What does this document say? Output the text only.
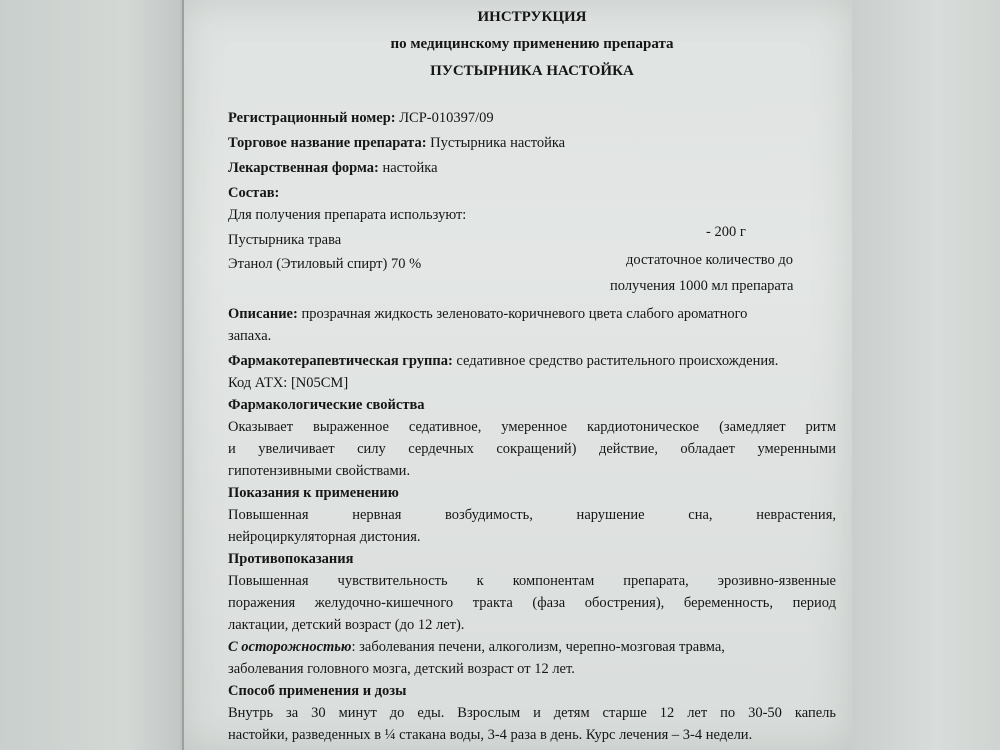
ИНСТРУКЦИЯ
по медицинскому применению препарата
ПУСТЫРНИКА НАСТОЙКА
Регистрационный номер: ЛСР-010397/09
Торговое название препарата: Пустырника настойка
Лекарственная форма: настойка
Состав:
Для получения препарата используют:
Пустырника трава	- 200 г
Этанол (Этиловый спирт) 70 %	достаточное количество до
получения 1000 мл препарата
Описание: прозрачная жидкость зеленовато-коричневого цвета слабого ароматного
запаха.
Фармакотерапевтическая группа: седативное средство растительного происхождения.
Код АТХ: [N05CM]
Фармакологические свойства
Оказывает выраженное седативное, умеренное кардиотоническое (замедляет ритм
и увеличивает силу сердечных сокращений) действие, обладает умеренными
гипотензивными свойствами.
Показания к применению
Повышенная нервная возбудимость, нарушение сна, неврастения,
нейроциркуляторная дистония.
Противопоказания
Повышенная чувствительность к компонентам препарата, эрозивно-язвенные
поражения желудочно-кишечного тракта (фаза обострения), беременность, период
лактации, детский возраст (до 12 лет).
С осторожностью: заболевания печени, алкоголизм, черепно-мозговая травма,
заболевания головного мозга, детский возраст от 12 лет.
Способ применения и дозы
Внутрь за 30 минут до еды. Взрослым и детям старше 12 лет по 30-50 капель
настойки, разведенных в ¼ стакана воды, 3-4 раза в день. Курс лечения – 3-4 недели.
